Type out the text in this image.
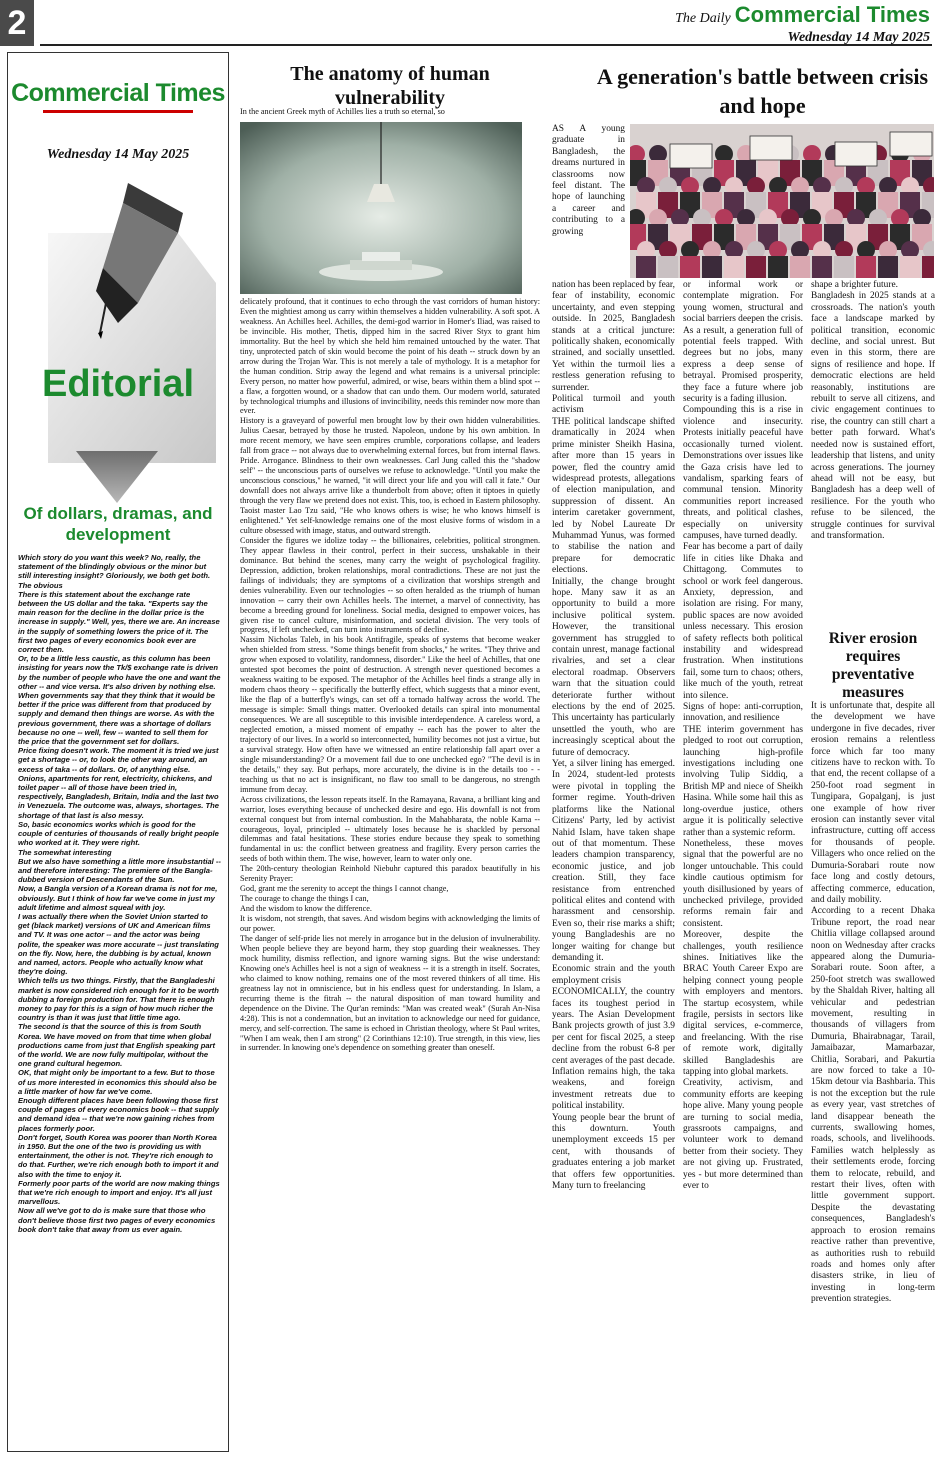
2	The Daily Commercial Times
Wednesday 14 May 2025
Commercial Times
Wednesday 14 May 2025
Editorial
Of dollars, dramas, and development

Which story do you want this week? No, really, the statement of the blindingly obvious or the minor but still interesting insight? Gloriously, we both get both.

The obvious

There is this statement about the exchange rate between the US dollar and the taka. "Experts say the main reason for the decline in the dollar price is the increase in supply." Well, yes, there we are. An increase in the supply of something lowers the price of it. The first two pages of every economics book ever are correct then.

Or, to be a little less caustic, as this column has been insisting for years now the Tk/$ exchange rate is driven by the number of people who have the one and want the other -- and vice versa. It's also driven by nothing else.

When governments say that they think that it would be better if the price was different from that produced by supply and demand then things are worse. As with the previous government, there was a shortage of dollars because no one -- well, few -- wanted to sell them for the price that the government set for dollars.

Price fixing doesn't work. The moment it is tried we just get a shortage -- or, to look the other way around, an excess of taka -- of dollars. Or, of anything else.

Onions, apartments for rent, electricity, chickens, and toilet paper -- all of those have been tried in, respectively, Bangladesh, Britain, India and the last two in Venezuela. The outcome was, always, shortages. The shortage of that last is also messy.

So, basic economics works which is good for the couple of centuries of thousands of really bright people who worked at it. They were right.

The somewhat interesting

But we also have something a little more insubstantial -- and therefore interesting: The premiere of the Bangla-dubbed version of Descendants of the Sun.

Now, a Bangla version of a Korean drama is not for me, obviously. But I think of how far we've come in just my adult lifetime and almost squeal with joy.

I was actually there when the Soviet Union started to get (black market) versions of UK and American films and TV. It was one actor -- and the actor was being polite, the speaker was more accurate -- just translating on the fly. Now, here, the dubbing is by actual, known and named, actors. People who actually know what they're doing.

Which tells us two things. Firstly, that the Bangladeshi market is now considered rich enough for it to be worth dubbing a foreign production for. That there is enough money to pay for this is a sign of how much richer the country is than it was just that little time ago.

The second is that the source of this is from South Korea. We have moved on from that time when global productions came from just that English speaking part of the world. We are now fully multipolar, without the one grand cultural hegemon.

OK, that might only be important to a few. But to those of us more interested in economics this should also be a little marker of how far we've come.

Enough different places have been following those first couple of pages of every economics book -- that supply and demand idea -- that we're now gaining riches from places formerly poor.

Don't forget, South Korea was poorer than North Korea in 1950. But the one of the two is providing us with entertainment, the other is not. They're rich enough to do that. Further, we're rich enough both to import it and also with the time to enjoy it.

Formerly poor parts of the world are now making things that we're rich enough to import and enjoy. It's all just marvellous.

Now all we've got to do is make sure that those who don't believe those first two pages of every economics book don't take that away from us ever again.

The anatomy of human vulnerability
In the ancient Greek myth of Achilles lies a truth so eternal, so

delicately profound, that it continues to echo through the vast corridors of human history: Even the mightiest among us carry within themselves a hidden vulnerability. A soft spot. A weakness. An Achilles heel. Achilles, the demi-god warrior in Homer's Iliad, was raised to be invincible. His mother, Thetis, dipped him in the sacred River Styx to grant him immortality. But the heel by which she held him remained untouched by the water. That tiny, unprotected patch of skin would become the point of his death -- struck down by an arrow during the Trojan War. This is not merely a tale of mythology. It is a metaphor for the human condition. Strip away the legend and what remains is a universal principle: Every person, no matter how powerful, admired, or wise, bears within them a blind spot -- a flaw, a forgotten wound, or a shadow that can undo them. Our modern world, saturated by technological triumphs and illusions of invincibility, needs this reminder now more than ever.

History is a graveyard of powerful men brought low by their own hidden vulnerabilities. Julius Caesar, betrayed by those he trusted. Napoleon, undone by his own ambition. In more recent memory, we have seen empires crumble, corporations collapse, and leaders fall from grace -- not always due to overwhelming external forces, but from internal flaws. Pride. Arrogance. Blindness to their own weaknesses. Carl Jung called this the "shadow self" -- the unconscious parts of ourselves we refuse to acknowledge. "Until you make the unconscious conscious," he warned, "it will direct your life and you will call it fate." Our downfall does not always arrive like a thunderbolt from above; often it tiptoes in quietly through the very flaw we pretend does not exist. This, too, is echoed in Eastern philosophy. Taoist master Lao Tzu said, "He who knows others is wise; he who knows himself is enlightened." Yet self-knowledge remains one of the most elusive forms of wisdom in a culture obsessed with image, status, and outward strength.

Consider the figures we idolize today -- the billionaires, celebrities, political strongmen. They appear flawless in their control, perfect in their success, unshakable in their dominance. But behind the scenes, many carry the weight of psychological fragility. Depression, addiction, broken relationships, moral contradictions. These are not just the failings of individuals; they are symptoms of a civilization that worships strength and denies vulnerability. Even our technologies -- so often heralded as the triumph of human innovation -- carry their own Achilles heels. The internet, a marvel of connectivity, has become a breeding ground for loneliness. Social media, designed to empower voices, has given rise to cancel culture, misinformation, and societal division. The very tools of progress, if left unchecked, can turn into instruments of decline.

Nassim Nicholas Taleb, in his book Antifragile, speaks of systems that become weaker when shielded from stress. "Some things benefit from shocks," he writes. "They thrive and grow when exposed to volatility, randomness, disorder." Like the heel of Achilles, that one untested spot becomes the point of destruction. A strength never questioned becomes a weakness waiting to be exposed. The metaphor of the Achilles heel finds a strange ally in modern chaos theory -- specifically the butterfly effect, which suggests that a minor event, like the flap of a butterfly's wings, can set off a tornado halfway across the world. The message is simple: Small things matter. Overlooked details can spiral into monumental consequences. We are all susceptible to this invisible interdependence. A careless word, a neglected emotion, a missed moment of empathy -- each has the power to alter the trajectory of our lives. In a world so interconnected, humility becomes not just a virtue, but a survival strategy. How often have we witnessed an entire relationship fall apart over a single misunderstanding? Or a movement fail due to one unchecked ego? "The devil is in the details," they say. But perhaps, more accurately, the divine is in the details too - - teaching us that no act is insignificant, no flaw too small to be dangerous, no strength immune from decay.

Across civilizations, the lesson repeats itself. In the Ramayana, Ravana, a brilliant king and warrior, loses everything because of unchecked desire and ego. His downfall is not from external conquest but from internal combustion. In the Mahabharata, the noble Karna -- courageous, loyal, principled -- ultimately loses because he is shackled by personal dilemmas and fatal hesitations. These stories endure because they speak to something fundamental in us: the conflict between greatness and fragility. Every person carries the seeds of both within them. The wise, however, learn to water only one.

The 20th-century theologian Reinhold Niebuhr captured this paradox beautifully in his Serenity Prayer:

God, grant me the serenity to accept the things I cannot change,

The courage to change the things I can,

And the wisdom to know the difference.

It is wisdom, not strength, that saves. And wisdom begins with acknowledging the limits of our power.

The danger of self-pride lies not merely in arrogance but in the delusion of invulnerability. When people believe they are beyond harm, they stop guarding their weaknesses. They mock humility, dismiss reflection, and ignore warning signs. But the wise understand: Knowing one's Achilles heel is not a sign of weakness -- it is a strength in itself. Socrates, who claimed to know nothing, remains one of the most revered thinkers of all time. His greatness lay not in omniscience, but in his endless quest for understanding. In Islam, a recurring theme is the fitrah -- the natural disposition of man toward humility and dependence on the Divine. The Qur'an reminds: "Man was created weak" (Surah An-Nisa 4:28). This is not a condemnation, but an invitation to acknowledge our need for guidance, mercy, and self-correction. The same is echoed in Christian theology, where St Paul writes, "When I am weak, then I am strong" (2 Corinthians 12:10). True strength, in this view, lies in surrender. In knowing one's dependence on something greater than oneself.

A generation's battle between crisis and hope

AS A young graduate in Bangladesh, the dreams nurtured in classrooms now feel distant. The hope of launching a career and contributing to a growing

nation has been replaced by fear, fear of instability, economic uncertainty, and even stepping outside. In 2025, Bangladesh stands at a critical juncture: politically shaken, economically strained, and socially unsettled. Yet within the turmoil lies a restless generation refusing to surrender.

Political turmoil and youth activism

THE political landscape shifted dramatically in 2024 when prime minister Sheikh Hasina, after more than 15 years in power, fled the country amid widespread protests, allegations of election manipulation, and suppression of dissent. An interim caretaker government, led by Nobel Laureate Dr Muhammad Yunus, was formed to stabilise the nation and prepare for democratic elections.

Initially, the change brought hope. Many saw it as an opportunity to build a more inclusive political system. However, the transitional government has struggled to contain unrest, manage factional rivalries, and set a clear electoral roadmap. Observers warn that the situation could deteriorate further without elections by the end of 2025. This uncertainty has particularly unsettled the youth, who are increasingly sceptical about the future of democracy.

Yet, a silver lining has emerged. In 2024, student-led protests were pivotal in toppling the former regime. Youth-driven platforms like the National Citizens' Party, led by activist Nahid Islam, have taken shape out of that momentum. These leaders champion transparency, economic justice, and job creation. Still, they face resistance from entrenched political elites and contend with harassment and censorship. Even so, their rise marks a shift; young Bangladeshis are no longer waiting for change but demanding it.

Economic strain and the youth employment crisis

ECONOMICALLY, the country faces its toughest period in years. The Asian Development Bank projects growth of just 3.9 per cent for fiscal 2025, a steep decline from the robust 6-8 per cent averages of the past decade. Inflation remains high, the taka weakens, and foreign investment retreats due to political instability.

Young people bear the brunt of this downturn. Youth unemployment exceeds 15 per cent, with thousands of graduates entering a job market that offers few opportunities. Many turn to freelancing

or informal work or contemplate migration. For young women, structural and social barriers deepen the crisis.

As a result, a generation full of potential feels trapped. With degrees but no jobs, many express a deep sense of betrayal. Promised prosperity, they face a future where job security is a fading illusion.

Compounding this is a rise in violence and insecurity. Protests initially peaceful have occasionally turned violent. Demonstrations over issues like the Gaza crisis have led to vandalism, sparking fears of communal tension. Minority communities report increased threats, and political clashes, especially on university campuses, have turned deadly.

Fear has become a part of daily life in cities like Dhaka and Chittagong. Commutes to school or work feel dangerous. Anxiety, depression, and isolation are rising. For many, public spaces are now avoided unless necessary. This erosion of safety reflects both political instability and widespread frustration. When institutions fail, some turn to chaos; others, like much of the youth, retreat into silence.

Signs of hope: anti-corruption, innovation, and resilience

THE interim government has pledged to root out corruption, launching high-profile investigations including one involving Tulip Siddiq, a British MP and niece of Sheikh Hasina. While some hail this as long-overdue justice, others argue it is politically selective rather than a systemic reform.

Nonetheless, these moves signal that the powerful are no longer untouchable. This could kindle cautious optimism for youth disillusioned by years of unchecked privilege, provided reforms remain fair and consistent.

Moreover, despite the challenges, youth resilience shines. Initiatives like the BRAC Youth Career Expo are helping connect young people with employers and mentors. The startup ecosystem, while fragile, persists in sectors like digital services, e-commerce, and freelancing. With the rise of remote work, digitally skilled Bangladeshis are tapping into global markets.

Creativity, activism, and community efforts are keeping hope alive. Many young people are turning to social media, grassroots campaigns, and volunteer work to demand better from their society. They are not giving up. Frustrated, yes - but more determined than ever to

shape a brighter future.

Bangladesh in 2025 stands at a crossroads. The nation's youth face a landscape marked by political transition, economic decline, and social unrest. But even in this storm, there are signs of resilience and hope. If democratic elections are held reasonably, institutions are rebuilt to serve all citizens, and civic engagement continues to rise, the country can still chart a better path forward. What's needed now is sustained effort, leadership that listens, and unity across generations. The journey ahead will not be easy, but Bangladesh has a deep well of resilience. For the youth who refuse to be silenced, the struggle continues for survival and transformation.

River erosion requires preventative measures

It is unfortunate that, despite all the development we have undergone in five decades, river erosion remains a relentless force which far too many citizens have to reckon with. To that end, the recent collapse of a 250-foot road segment in Tungipara, Gopalganj, is just one example of how river erosion can instantly sever vital infrastructure, cutting off access for thousands of people. Villagers who once relied on the Dumuria-Sorabari route now face long and costly detours, affecting commerce, education, and daily mobility.

According to a recent Dhaka Tribune report, the road near Chitlia village collapsed around noon on Wednesday after cracks appeared along the Dumuria-Sorabari route. Soon after, a 250-foot stretch was swallowed by the Shaldah River, halting all vehicular and pedestrian movement, resulting in thousands of villagers from Dumuria, Bhairabnagar, Tarail, Jamaibazar, Mamarbazar, Chitlia, Sorabari, and Pakurtia are now forced to take a 10-15km detour via Bashbaria. This is not the exception but the rule as every year, vast stretches of land disappear beneath the currents, swallowing homes, roads, schools, and livelihoods. Families watch helplessly as their settlements erode, forcing them to relocate, rebuild, and restart their lives, often with little government support. Despite the devastating consequences, Bangladesh's approach to erosion remains reactive rather than preventive, as authorities rush to rebuild roads and homes only after disasters strike, in lieu of investing in long-term prevention strategies.
